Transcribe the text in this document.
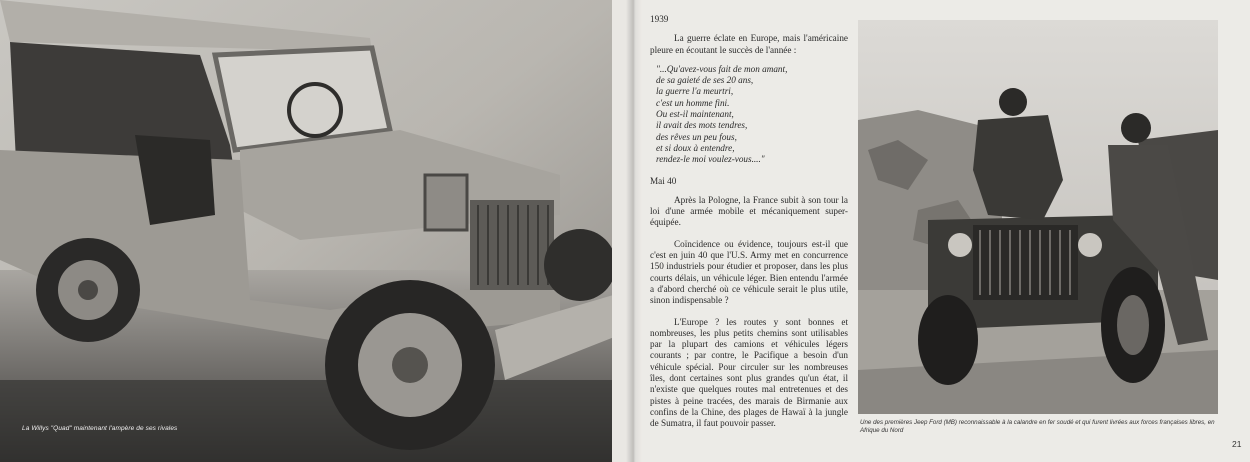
La Willys "Quad" maintenant l'ampère de ses rivales

1939

La guerre éclate en Europe, mais l'américaine pleure en écoutant le succès de l'année :

"...Qu'avez-vous fait de mon amant,
de sa gaieté de ses 20 ans,
la guerre l'a meurtri,
c'est un homme fini.
Ou est-il maintenant,
il avait des mots tendres,
des rêves un peu fous,
et si doux à entendre,
rendez-le moi voulez-vous...."

Mai 40

Après la Pologne, la France subit à son tour la loi d'une armée mobile et mécaniquement super-équipée.

Coïncidence ou évidence, toujours est-il que c'est en juin 40 que l'U.S. Army met en concurrence 150 industriels pour étudier et proposer, dans les plus courts délais, un véhicule léger. Bien entendu l'armée a d'abord cherché où ce véhicule serait le plus utile, sinon indispensable ?

L'Europe ? les routes y sont bonnes et nombreuses, les plus petits chemins sont utilisables par la plupart des camions et véhicules légers courants ; par contre, le Pacifique a besoin d'un véhicule spécial. Pour circuler sur les nombreuses îles, dont certaines sont plus grandes qu'un état, il n'existe que quelques routes mal entretenues et des pistes à peine tracées, des marais de Birmanie aux confins de la Chine, des plages de Hawaï à la jungle de Sumatra, il faut pouvoir passer.	Une des premières Jeep Ford (MB) reconnaissable à la calandre en fer soudé et qui furent livrées aux forces françaises libres, en Afrique du Nord
21
